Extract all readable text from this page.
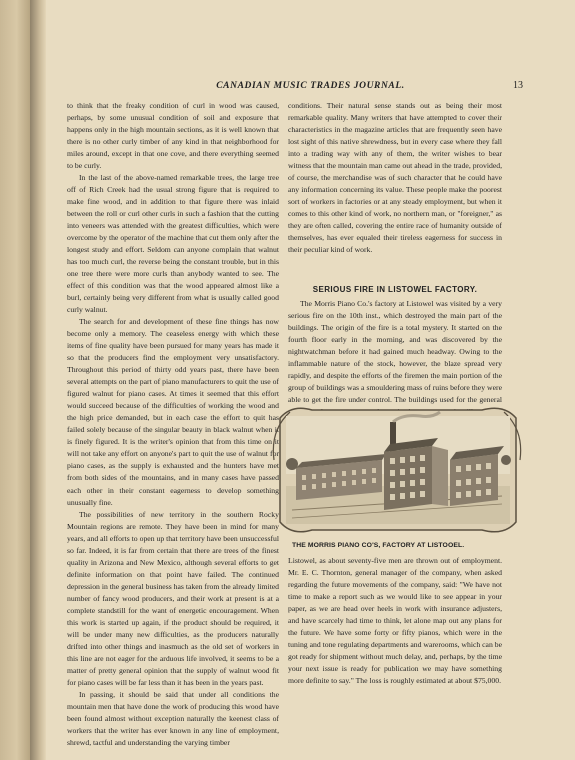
CANADIAN MUSIC TRADES JOURNAL.	13

to think that the freaky condition of curl in wood was caused, perhaps, by some unusual condition of soil and exposure that happens only in the high mountain sections, as it is well known that there is no other curly timber of any kind in that neighborhood for miles around, except in that one cove, and there everything seemed to be curly.

In the last of the above-named remarkable trees, the large tree off of Rich Creek had the usual strong figure that is required to make fine wood, and in addition to that figure there was inlaid between the roll or curl other curls in such a fashion that the cutting into veneers was attended with the greatest difficulties, which were overcome by the operator of the machine that cut them only after the longest study and effort. Seldom can anyone complain that walnut has too much curl, the reverse being the constant trouble, but in this one tree there were more curls than anybody wanted to see. The effect of this condition was that the wood appeared almost like a burl, certainly being very different from what is usually called good curly walnut.

The search for and development of these fine things has now become only a memory. The ceaseless energy with which these items of fine quality have been pursued for many years has made it so that the producers find the employment very unsatisfactory. Throughout this period of thirty odd years past, there have been several attempts on the part of piano manufacturers to quit the use of figured walnut for piano cases. At times it seemed that this effort would succeed because of the difficulties of working the wood and the high price demanded, but in each case the effort to quit has failed solely because of the singular beauty in black walnut when it is finely figured. It is the writer's opinion that from this time on it will not take any effort on anyone's part to quit the use of walnut for piano cases, as the supply is exhausted and the hunters have met from both sides of the mountains, and in many cases have passed each other in their constant eagerness to develop something unusually fine.

The possibilities of new territory in the southern Rocky Mountain regions are remote. They have been in mind for many years, and all efforts to open up that territory have been unsuccessful so far. Indeed, it is far from certain that there are trees of the finest quality in Arizona and New Mexico, although several efforts to get definite information on that point have failed. The continued depression in the general business has taken from the already limited number of fancy wood producers, and their work at present is at a complete standstill for the want of energetic encouragement. When this work is started up again, if the product should be required, it will be under many new difficulties, as the producers naturally drifted into other things and inasmuch as the old set of workers in this line are not eager for the arduous life involved, it seems to be a matter of pretty general opinion that the supply of walnut wood fit for piano cases will be far less than it has been in the years past.

In passing, it should be said that under all conditions the mountain men that have done the work of producing this wood have been found almost without exception naturally the keenest class of workers that the writer has ever known in any line of employment, shrewd, tactful and understanding the varying timber

conditions. Their natural sense stands out as being their most remarkable quality. Many writers that have attempted to cover their characteristics in the magazine articles that are frequently seen have lost sight of this native shrewdness, but in every case where they fall into a trading way with any of them, the writer wishes to bear witness that the mountain man came out ahead in the trade, provided, of course, the merchandise was of such character that he could have any information concerning its value. These people make the poorest sort of workers in factories or at any steady employment, but when it comes to this other kind of work, no northern man, or "foreigner," as they are often called, covering the entire race of humanity outside of themselves, has ever equaled their tireless eagerness for success in their peculiar kind of work.

SERIOUS FIRE IN LISTOWEL FACTORY.

The Morris Piano Co.'s factory at Listowel was visited by a very serious fire on the 10th inst., which destroyed the main part of the buildings. The origin of the fire is a total mystery. It started on the fourth floor early in the morning, and was discovered by the nightwatchman before it had gained much headway. Owing to the inflammable nature of the stock, however, the blaze spread very rapidly, and despite the efforts of the firemen the main portion of the group of buildings was a smouldering mass of ruins before they were able to get the fire under control. The buildings used for the general

THE MORRIS PIANO CO'S, FACTORY AT LISTOOEL.

Listowel, as about seventy-five men are thrown out of employment. Mr. E. C. Thornton, general manager of the company, when asked regarding the future movements of the company, said: "We have not time to make a report such as we would like to see appear in your paper, as we are head over heels in work with insurance adjusters, and have scarcely had time to think, let alone map out any plans for the future. We have some forty or fifty pianos, which were in the tuning and tone regulating departments and warerooms, which can be got ready for shipment without much delay, and, perhaps, by the time your next issue is ready for publication we may have something more definite to say." The loss is roughly estimated at about $75,000.
